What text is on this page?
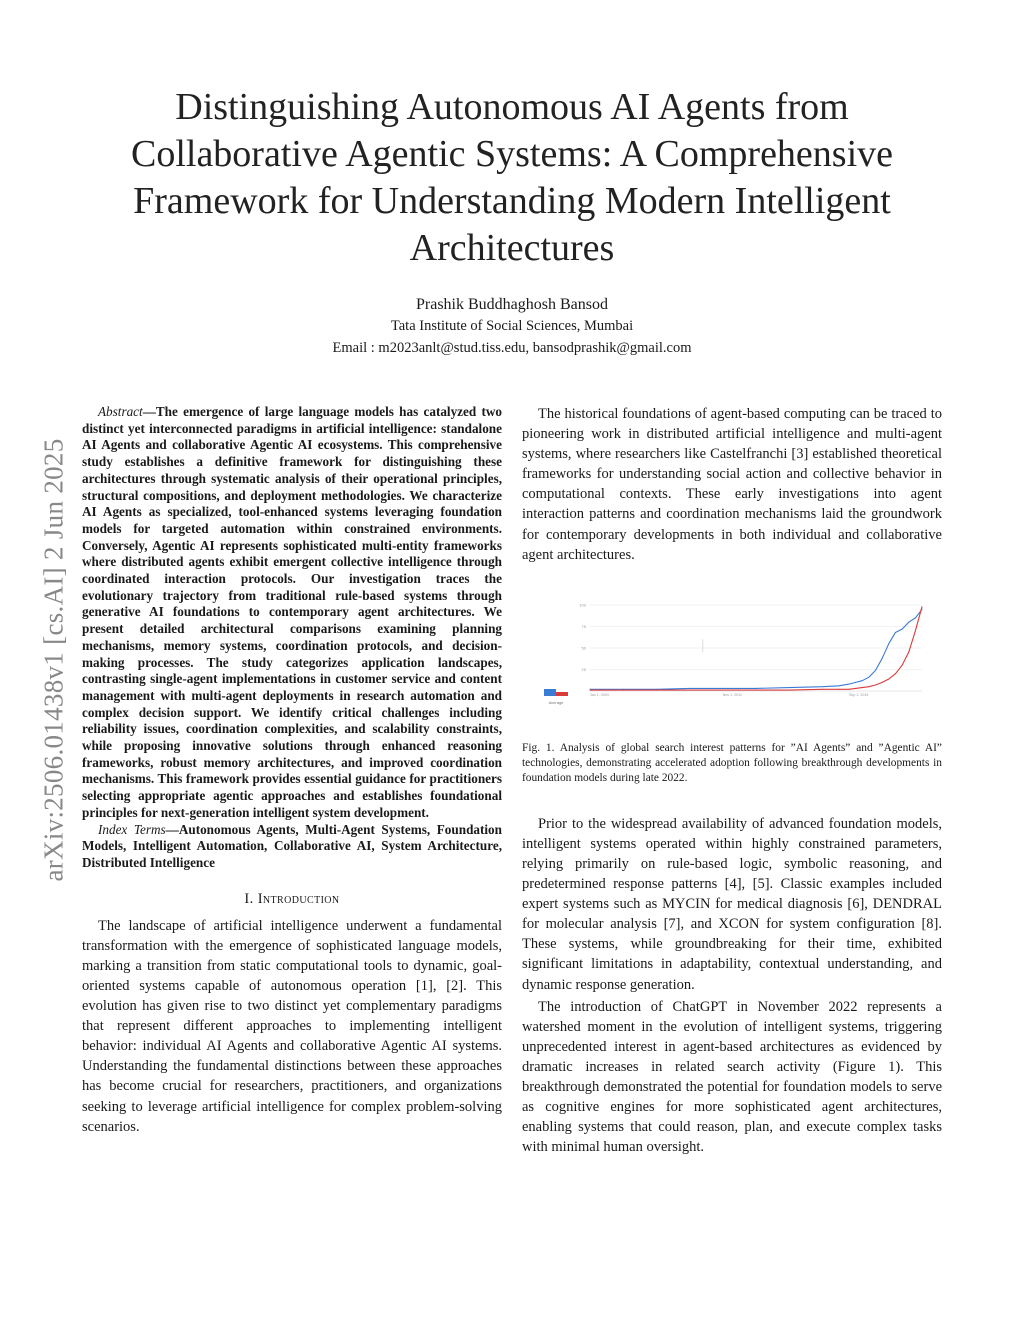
Distinguishing Autonomous AI Agents from Collaborative Agentic Systems: A Comprehensive Framework for Understanding Modern Intelligent Architectures
Prashik Buddhaghosh Bansod
Tata Institute of Social Sciences, Mumbai
Email : m2023anlt@stud.tiss.edu, bansodprashik@gmail.com
arXiv:2506.01438v1 [cs.AI] 2 Jun 2025

Abstract—The emergence of large language models has catalyzed two distinct yet interconnected paradigms in artificial intelligence: standalone AI Agents and collaborative Agentic AI ecosystems. This comprehensive study establishes a definitive framework for distinguishing these architectures through systematic analysis of their operational principles, structural compositions, and deployment methodologies. We characterize AI Agents as specialized, tool-enhanced systems leveraging foundation models for targeted automation within constrained environments. Conversely, Agentic AI represents sophisticated multi-entity frameworks where distributed agents exhibit emergent collective intelligence through coordinated interaction protocols. Our investigation traces the evolutionary trajectory from traditional rule-based systems through generative AI foundations to contemporary agent architectures. We present detailed architectural comparisons examining planning mechanisms, memory systems, coordination protocols, and decision-making processes. The study categorizes application landscapes, contrasting single-agent implementations in customer service and content management with multi-agent deployments in research automation and complex decision support. We identify critical challenges including reliability issues, coordination complexities, and scalability constraints, while proposing innovative solutions through enhanced reasoning frameworks, robust memory architectures, and improved coordination mechanisms. This framework provides essential guidance for practitioners selecting appropriate agentic approaches and establishes foundational principles for next-generation intelligent system development.

Index Terms—Autonomous Agents, Multi-Agent Systems, Foundation Models, Intelligent Automation, Collaborative AI, System Architecture, Distributed Intelligence

I. Introduction

The landscape of artificial intelligence underwent a fundamental transformation with the emergence of sophisticated language models, marking a transition from static computational tools to dynamic, goal-oriented systems capable of autonomous operation [1], [2]. This evolution has given rise to two distinct yet complementary paradigms that represent different approaches to implementing intelligent behavior: individual AI Agents and collaborative Agentic AI systems. Understanding the fundamental distinctions between these approaches has become crucial for researchers, practitioners, and organizations seeking to leverage artificial intelligence for complex problem-solving scenarios.

The historical foundations of agent-based computing can be traced to pioneering work in distributed artificial intelligence and multi-agent systems, where researchers like Castelfranchi [3] established theoretical frameworks for understanding social action and collective behavior in computational contexts. These early investigations into agent interaction patterns and coordination mechanisms laid the groundwork for contemporary developments in both individual and collaborative agent architectures.

Average
25
50
75
100
Jan 1, 2004	Nov 1, 2011	Sep 1, 2019

Fig. 1. Analysis of global search interest patterns for ”AI Agents” and ”Agentic AI” technologies, demonstrating accelerated adoption following breakthrough developments in foundation models during late 2022.

Prior to the widespread availability of advanced foundation models, intelligent systems operated within highly constrained parameters, relying primarily on rule-based logic, symbolic reasoning, and predetermined response patterns [4], [5]. Classic examples included expert systems such as MYCIN for medical diagnosis [6], DENDRAL for molecular analysis [7], and XCON for system configuration [8]. These systems, while groundbreaking for their time, exhibited significant limitations in adaptability, contextual understanding, and dynamic response generation.

The introduction of ChatGPT in November 2022 represents a watershed moment in the evolution of intelligent systems, triggering unprecedented interest in agent-based architectures as evidenced by dramatic increases in related search activity (Figure 1). This breakthrough demonstrated the potential for foundation models to serve as cognitive engines for more sophisticated agent architectures, enabling systems that could reason, plan, and execute complex tasks with minimal human oversight.
